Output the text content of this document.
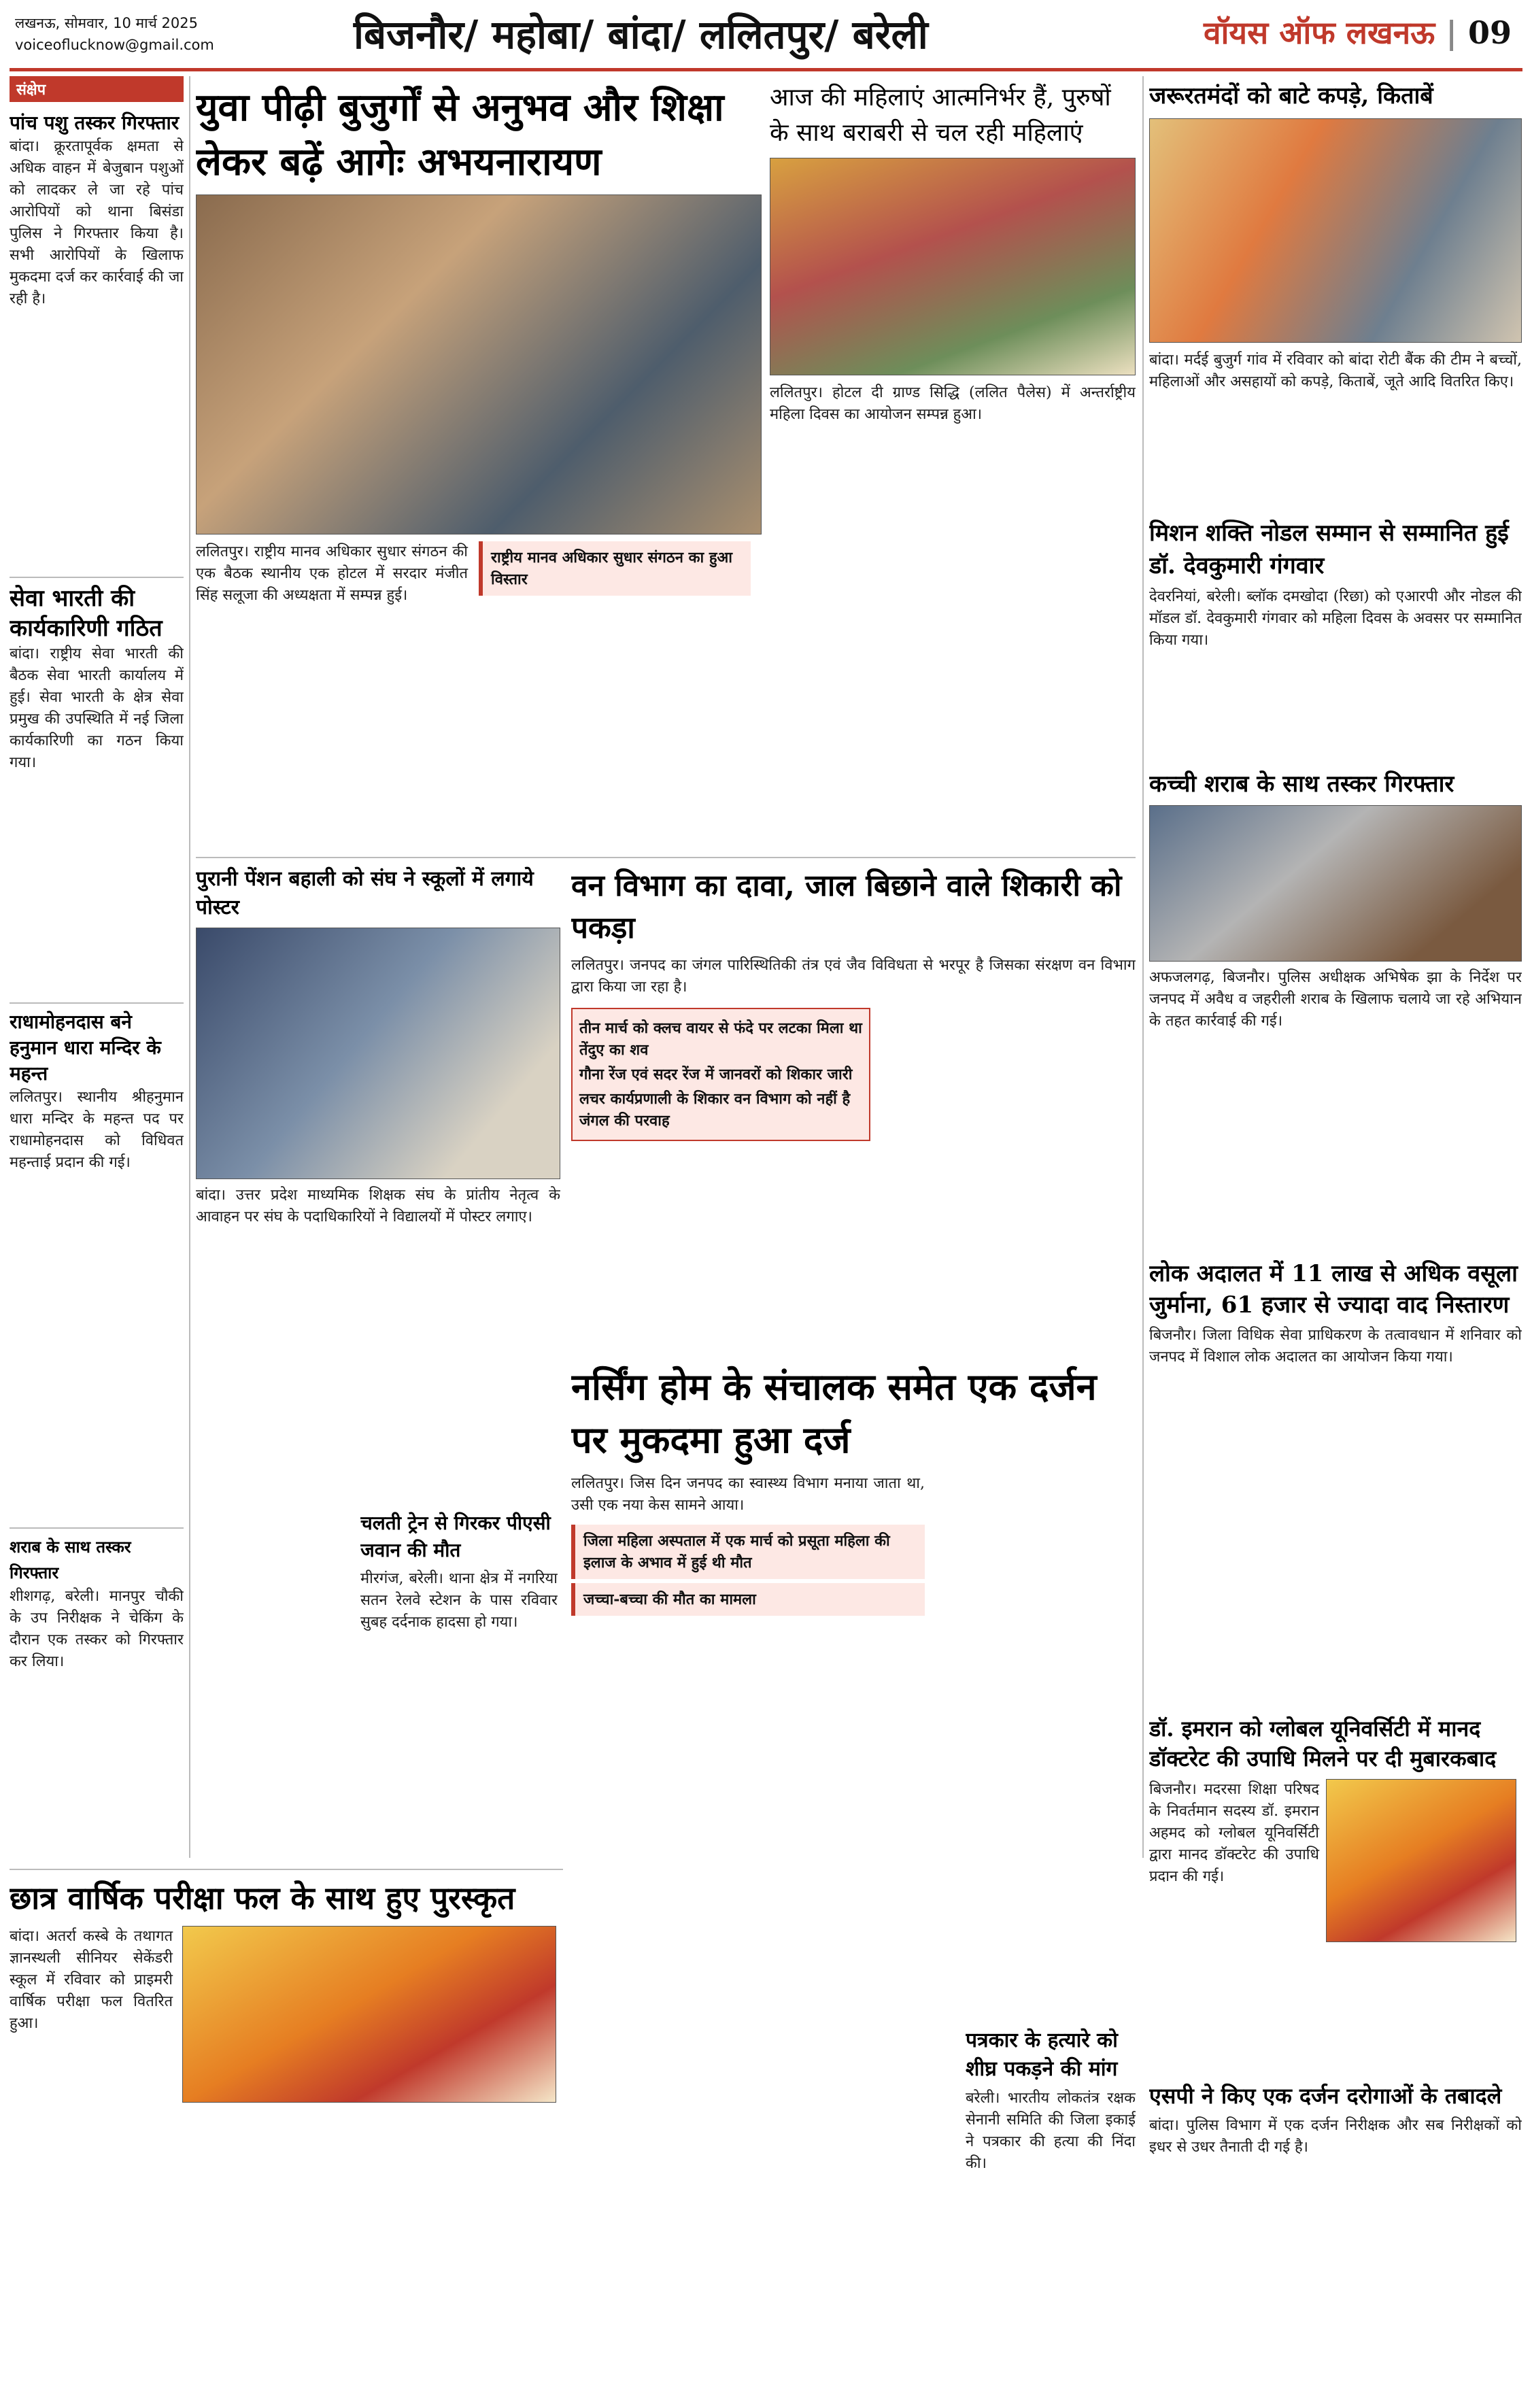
लखनऊ, सोमवार, 10 मार्च 2025
voiceoflucknow@gmail.com	बिजनौर/ महोबा/ बांदा/ ललितपुर/ बरेली	वॉयस ऑफ लखनऊ | 09
संक्षेप
पांच पशु तस्कर गिरफ्तार
बांदा। क्रूरतापूर्वक क्षमता से अधिक वाहन में बेजुबान पशुओं को लादकर ले जा रहे पांच आरोपियों को थाना बिसंडा पुलिस ने गिरफ्तार किया है। सभी आरोपियों के खिलाफ मुकदमा दर्ज कर कार्रवाई की जा रही है।
सेवा भारती की कार्यकारिणी गठित
बांदा। राष्ट्रीय सेवा भारती की बैठक सेवा भारती कार्यालय में हुई। सेवा भारती के क्षेत्र सेवा प्रमुख की उपस्थिति में नई जिला कार्यकारिणी का गठन किया गया।
राधामोहनदास बने हनुमान धारा मन्दिर के महन्त
ललितपुर। स्थानीय श्रीहनुमान धारा मन्दिर के महन्त पद पर राधामोहनदास को विधिवत महन्ताई प्रदान की गई।
शराब के साथ तस्कर गिरफ्तार
शीशगढ़, बरेली। मानपुर चौकी के उप निरीक्षक ने चेकिंग के दौरान एक तस्कर को गिरफ्तार कर लिया।
युवा पीढ़ी बुजुर्गों से अनुभव और शिक्षा लेकर बढ़ें आगेः अभयनारायण
ललितपुर। राष्ट्रीय मानव अधिकार सुधार संगठन की एक बैठक स्थानीय एक होटल में सरदार मंजीत सिंह सलूजा की अध्यक्षता में सम्पन्न हुई।
राष्ट्रीय मानव अधिकार सुधार संगठन का हुआ विस्तार
आज की महिलाएं आत्मनिर्भर हैं, पुरुषों के साथ बराबरी से चल रही महिलाएं
ललितपुर। होटल दी ग्राण्ड सिद्धि (ललित पैलेस) में अन्तर्राष्ट्रीय महिला दिवस का आयोजन सम्पन्न हुआ।
जरूरतमंदों को बाटे कपड़े, किताबें
बांदा। मर्दई बुजुर्ग गांव में रविवार को बांदा रोटी बैंक की टीम ने बच्चों, महिलाओं और असहायों को कपड़े, किताबें, जूते आदि वितरित किए।
मिशन शक्ति नोडल सम्मान से सम्मानित हुई डॉ. देवकुमारी गंगवार
देवरनियां, बरेली। ब्लॉक दमखोदा (रिछा) को एआरपी और नोडल की मॉडल डॉ. देवकुमारी गंगवार को महिला दिवस के अवसर पर सम्मानित किया गया।
कच्ची शराब के साथ तस्कर गिरफ्तार
अफजलगढ़, बिजनौर। पुलिस अधीक्षक अभिषेक झा के निर्देश पर जनपद में अवैध व जहरीली शराब के खिलाफ चलाये जा रहे अभियान के तहत कार्रवाई की गई।
पुरानी पेंशन बहाली को संघ ने स्कूलों में लगाये पोस्टर
बांदा। उत्तर प्रदेश माध्यमिक शिक्षक संघ के प्रांतीय नेतृत्व के आवाहन पर संघ के पदाधिकारियों ने विद्यालयों में पोस्टर लगाए।
वन विभाग का दावा, जाल बिछाने वाले शिकारी को पकड़ा
ललितपुर। जनपद का जंगल पारिस्थितिकी तंत्र एवं जैव विविधता से भरपूर है जिसका संरक्षण वन विभाग द्वारा किया जा रहा है।
तीन मार्च को क्लच वायर से फंदे पर लटका मिला था तेंदुए का शव
गौना रेंज एवं सदर रेंज में जानवरों को शिकार जारी
लचर कार्यप्रणाली के शिकार वन विभाग को नहीं है जंगल की परवाह
लोक अदालत में 11 लाख से अधिक वसूला जुर्माना, 61 हजार से ज्यादा वाद निस्तारण
बिजनौर। जिला विधिक सेवा प्राधिकरण के तत्वावधान में शनिवार को जनपद में विशाल लोक अदालत का आयोजन किया गया।
चलती ट्रेन से गिरकर पीएसी जवान की मौत
मीरगंज, बरेली। थाना क्षेत्र में नगरिया सतन रेलवे स्टेशन के पास रविवार सुबह दर्दनाक हादसा हो गया।
नर्सिंग होम के संचालक समेत एक दर्जन पर मुकदमा हुआ दर्ज
ललितपुर। जिस दिन जनपद का स्वास्थ्य विभाग मनाया जाता था, उसी एक नया केस सामने आया।
जिला महिला अस्पताल में एक मार्च को प्रसूता महिला की इलाज के अभाव में हुई थी मौत
जच्चा-बच्चा की मौत का मामला
पत्रकार के हत्यारे को शीघ्र पकड़ने की मांग
बरेली। भारतीय लोकतंत्र रक्षक सेनानी समिति की जिला इकाई ने पत्रकार की हत्या की निंदा की।
डॉ. इमरान को ग्लोबल यूनिवर्सिटी में मानद डॉक्टरेट की उपाधि मिलने पर दी मुबारकबाद
बिजनौर। मदरसा शिक्षा परिषद के निवर्तमान सदस्य डॉ. इमरान अहमद को ग्लोबल यूनिवर्सिटी द्वारा मानद डॉक्टरेट की उपाधि प्रदान की गई।
छात्र वार्षिक परीक्षा फल के साथ हुए पुरस्कृत
बांदा। अतर्रा कस्बे के तथागत ज्ञानस्थली सीनियर सेकेंडरी स्कूल में रविवार को प्राइमरी वार्षिक परीक्षा फल वितरित हुआ।
एसपी ने किए एक दर्जन दरोगाओं के तबादले
बांदा। पुलिस विभाग में एक दर्जन निरीक्षक और सब निरीक्षकों को इधर से उधर तैनाती दी गई है।
